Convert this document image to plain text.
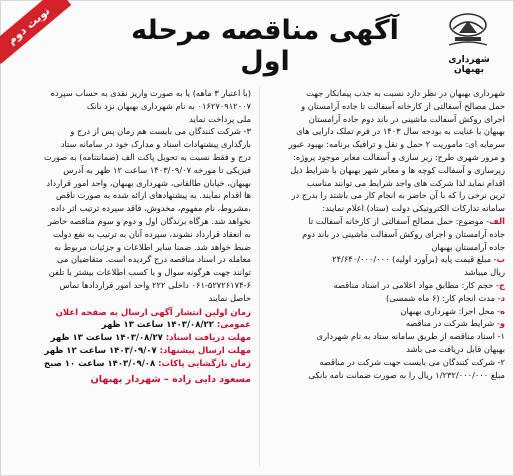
نوبت دوم
شهرداری بهبهان
آگهی مناقصه مرحله اول
شهرداری بهبهان در نظر دارد نسبت به جذب پیمانکار جهت
حمل مصالح آسفالتی از کارخانه آسفالت تا جاده آرامستان و
اجرای روکش آسفالت ماشینی در باند دوم جاده آرامستان
بهبهان با عنایت به بودجه سال ۱۴۰۳ در فرم تملک دارایی های
سرمایه ای: ماموریت ۲ حمل و نقل و ترافیک برنامه: بهبود عبور
و مرور شهری طرح: زیر سازی و آسفالت معابر موجود پروژه:
زیرسازی و آسفالت کوچه ها و معابر شهر بهبهان با شرایط ذیل
اقدام نماید لذا شرکت های واجد شرایط می توانند مناسب
ترین نرخی را که با آن حاضر به انجام کار می باشند را بدرج در
سامانه تدارکات الکترونیکی دولت (ستاد) اعلام نمایند:
الف- موضوع: حمل مصالح آسفالتی از کارخانه آسفالت تا
جاده آرامستان و اجرای روکش آسفالت ماشینی در باند دوم
جاده آرامستان بهبهان
ب- مبلغ قیمت پایه (برآورد اولیه) ۲۴/۶۴۰/۰۰۰/۰۰۰
ریال میباشد
ج- حجم کار: مطابق مواد اعلامی در اسناد مناقصه
د- مدت انجام کار: (۶ ماه شمسی)
ه- محل اجرا: شهرداری بهبهان
و- شرایط شرکت در مناقصه
۱- اسناد مناقصه از طریق سامانه ستاد به نام شهرداری
بهبهان قابل دریافت می باشد
۲- شرکت کنندگان می بایست جهت شرکت در مناقصه
مبلغ ۱/۲۳۲/۰۰۰/۰۰۰ ریال را به صورت ضمانت نامه بانکی
(با اعتبار ۳ ماهه) یا به صورت واریز نقدی به حساب سپرده
۰۱۶۲۷۰۹۱۲۰۰۷ به نام شهرداری بهبهان نزد بانک
ملی پرداخت نماید
۳- شرکت کنندگان می بایست هم زمان پس از درج و
بارگذاری پیشنهادات اسناد و مدارک خود در سامانه ستاد
درج و فقط نسبت به تحویل پاکت الف (ضمانتنامه) به صورت
فیزیکی تا مورخه ۱۴۰۳/۰۹/۰۷ ساعت ۱۲ ظهر به آدرس
بهبهان، خیابان طالقانی، شهرداری بهبهان، واحد امور قرارداد
ها اقدام نمایند. به پیشنهادهای ارائه شده به صورت ناقص
،مشروط، نام مفهوم، مخدوش، فاقد سپرده ترتیب اثر داده
نخواهد شد. هرگاه برندگان اول و دوم و سوم مناقصه حاضر
به انعقاد قرارداد نشوند، سپرده آنان به ترتیب به نفع دولت
ضبط خواهد شد. ضمنا سایر اطلاعات و جزئیات مربوط به
معامله در اسناد مناقصه درج گردیده است. متقاضیان می
توانند جهت هرگونه سوال و یا کسب اطلاعات بیشتر با تلفن
۰۶۱-۵۲۷۲۶۱۷۴-۶ داخلی ۲۲۲ واحد امور قراردادها تماس
حاصل نمایند
زمان اولین انتشار آگهی ارسال به صفحه اعلان
عمومی: ۱۴۰۳/۰۸/۲۲ ساعت ۱۳ ظهر
مهلت دریافت اسناد: ۱۴۰۳/۰۸/۲۷ ساعت ۱۳ ظهر
مهلت ارسال پیشنهاد: ۱۴۰۳/۰۹/۰۷ ساعت ۱۲ ظهر
زمان بازگشایی پاکات: ۱۴۰۳/۰۹/۰۸ ساعت ۱۰ صبح
مسعود دایی زاده – شهردار بهبهان
